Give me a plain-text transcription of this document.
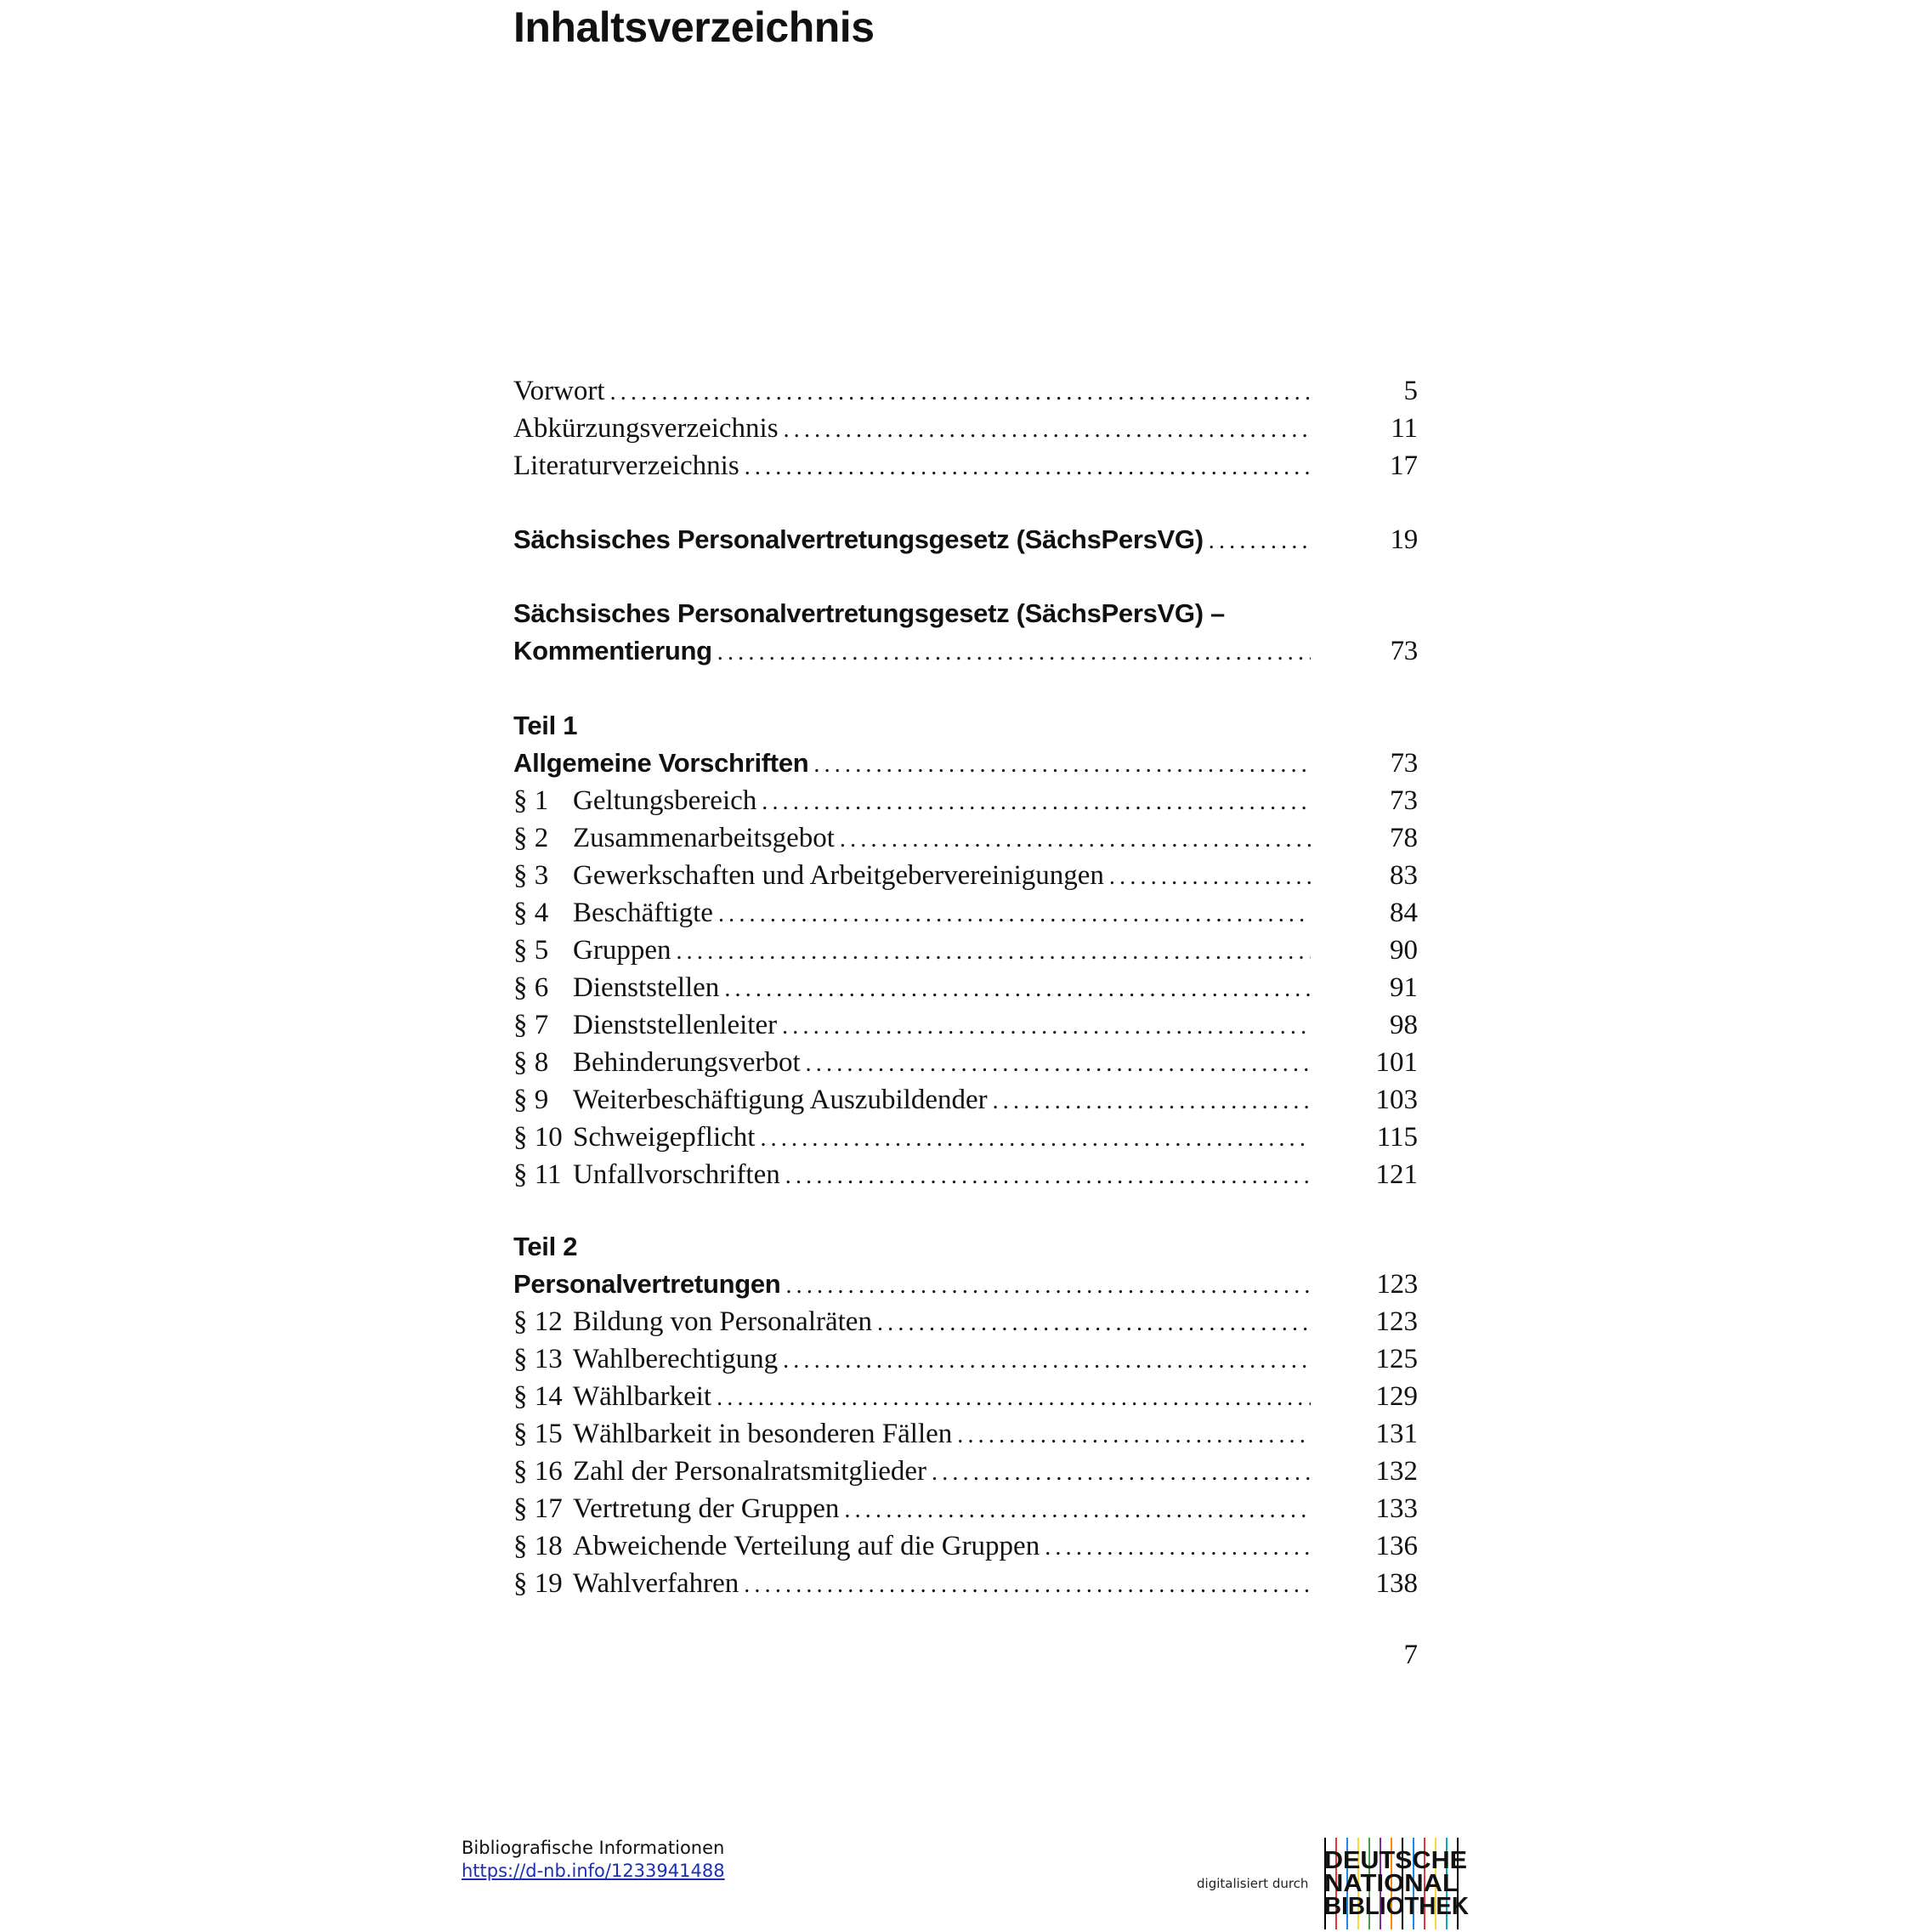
Inhaltsverzeichnis
Vorwort .....	5
Abkürzungsverzeichnis .....	11
Literaturverzeichnis .....	17
Sächsisches Personalvertretungsgesetz (SächsPersVG) .....	19
Sächsisches Personalvertretungsgesetz (SächsPersVG) –
Kommentierung .....	73
Teil 1
Allgemeine Vorschriften .....	73
§ 1 Geltungsbereich .....	73
§ 2 Zusammenarbeitsgebot .....	78
§ 3 Gewerkschaften und Arbeitgebervereinigungen .....	83
§ 4 Beschäftigte .....	84
§ 5 Gruppen .....	90
§ 6 Dienststellen .....	91
§ 7 Dienststellenleiter .....	98
§ 8 Behinderungsverbot .....	101
§ 9 Weiterbeschäftigung Auszubildender .....	103
§ 10 Schweigepflicht .....	115
§ 11 Unfallvorschriften .....	121
Teil 2
Personalvertretungen .....	123
§ 12 Bildung von Personalräten .....	123
§ 13 Wahlberechtigung .....	125
§ 14 Wählbarkeit .....	129
§ 15 Wählbarkeit in besonderen Fällen .....	131
§ 16 Zahl der Personalratsmitglieder .....	132
§ 17 Vertretung der Gruppen .....	133
§ 18 Abweichende Verteilung auf die Gruppen .....	136
§ 19 Wahlverfahren .....	138
7
Bibliografische Informationen
https://d-nb.info/1233941488
digitalisiert durch
DEUTSCHE
NATIONAL
BIBLIOTHEK
